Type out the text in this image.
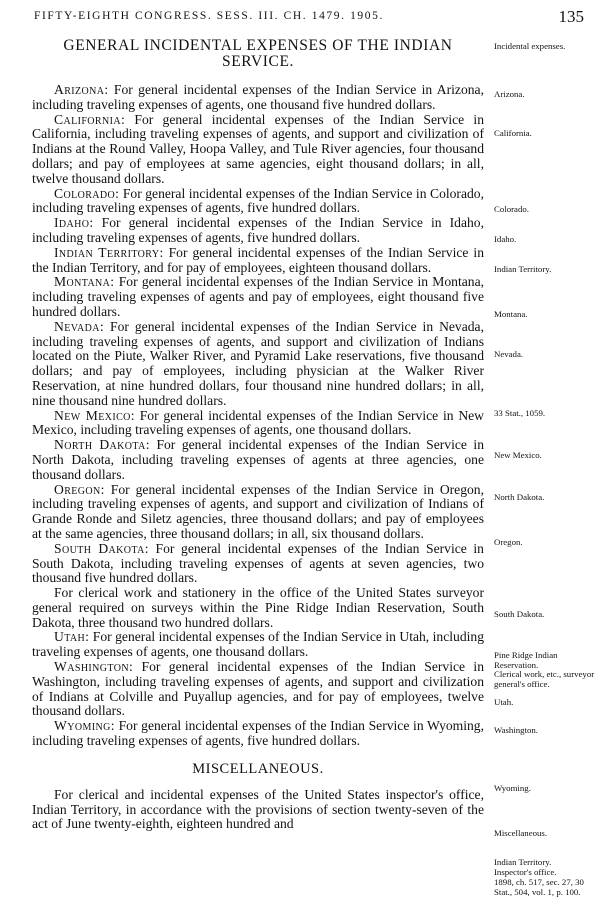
FIFTY-EIGHTH CONGRESS. SESS. III. CH. 1479. 1905.	135
GENERAL INCIDENTAL EXPENSES OF THE INDIAN SERVICE.

Arizona: For general incidental expenses of the Indian Service in Arizona, including traveling expenses of agents, one thousand five hundred dollars.

California: For general incidental expenses of the Indian Service in California, including traveling expenses of agents, and support and civilization of Indians at the Round Valley, Hoopa Valley, and Tule River agencies, four thousand dollars; and pay of employees at same agencies, eight thousand dollars; in all, twelve thousand dollars.

Colorado: For general incidental expenses of the Indian Service in Colorado, including traveling expenses of agents, five hundred dollars.

Idaho: For general incidental expenses of the Indian Service in Idaho, including traveling expenses of agents, five hundred dollars.

Indian Territory: For general incidental expenses of the Indian Service in the Indian Territory, and for pay of employees, eighteen thousand dollars.

Montana: For general incidental expenses of the Indian Service in Montana, including traveling expenses of agents and pay of employees, eight thousand five hundred dollars.

Nevada: For general incidental expenses of the Indian Service in Nevada, including traveling expenses of agents, and support and civilization of Indians located on the Piute, Walker River, and Pyramid Lake reservations, five thousand dollars; and pay of employees, including physician at the Walker River Reservation, at nine hundred dollars, four thousand nine hundred dollars; in all, nine thousand nine hundred dollars.

New Mexico: For general incidental expenses of the Indian Service in New Mexico, including traveling expenses of agents, one thousand dollars.

North Dakota: For general incidental expenses of the Indian Service in North Dakota, including traveling expenses of agents at three agencies, one thousand dollars.

Oregon: For general incidental expenses of the Indian Service in Oregon, including traveling expenses of agents, and support and civilization of Indians of Grande Ronde and Siletz agencies, three thousand dollars; and pay of employees at the same agencies, three thousand dollars; in all, six thousand dollars.

South Dakota: For general incidental expenses of the Indian Service in South Dakota, including traveling expenses of agents at seven agencies, two thousand five hundred dollars.

For clerical work and stationery in the office of the United States surveyor general required on surveys within the Pine Ridge Indian Reservation, South Dakota, three thousand two hundred dollars.

Utah: For general incidental expenses of the Indian Service in Utah, including traveling expenses of agents, one thousand dollars.

Washington: For general incidental expenses of the Indian Service in Washington, including traveling expenses of agents, and support and civilization of Indians at Colville and Puyallup agencies, and for pay of employees, twelve thousand dollars.

Wyoming: For general incidental expenses of the Indian Service in Wyoming, including traveling expenses of agents, five hundred dollars.

MISCELLANEOUS.

For clerical and incidental expenses of the United States inspector's office, Indian Territory, in accordance with the provisions of section twenty-seven of the act of June twenty-eighth, eighteen hundred and

Incidental expenses.
Arizona.
California.
Colorado.
Idaho.
Indian Territory.
Montana.
Nevada.
33 Stat., 1059.
New Mexico.
North Dakota.
Oregon.
South Dakota.
Pine Ridge Indian Reservation.
Clerical work, etc., surveyor general's office.
Utah.
Washington.
Wyoming.
Miscellaneous.
Indian Territory.
Inspector's office.
1898, ch. 517, sec. 27, 30 Stat., 504, vol. 1, p. 100.
